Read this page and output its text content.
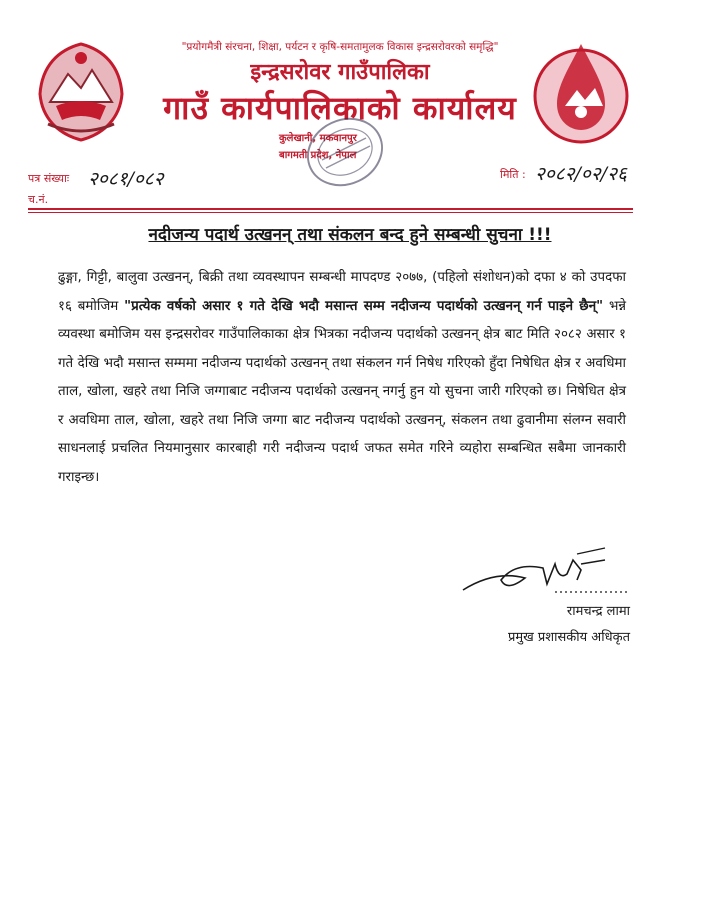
"प्रयोगमैत्री संरचना, शिक्षा, पर्यटन र कृषि-समतामुलक विकास इन्द्रसरोवरको समृद्धि"
इन्द्रसरोवर गाउँपालिका
गाउँ कार्यपालिकाको कार्यालय
कुलेखानी, मकवानपुर
बागमती प्रदेश, नेपाल
पत्र संख्याः २०८१/०८२
च.नं.
मिति : २०८२/०२/२६
नदीजन्य पदार्थ उत्खनन् तथा संकलन बन्द हुने सम्बन्धी सुचना !!!
ढुङ्गा, गिट्टी, बालुवा उत्खनन्, बिक्री तथा व्यवस्थापन सम्बन्धी मापदण्ड २०७७, (पहिलो संशोधन)को दफा ४ को उपदफा १६ बमोजिम "प्रत्येक वर्षको असार १ गते देखि भदौ मसान्त सम्म नदीजन्य पदार्थको उत्खनन् गर्न पाइने छैन्" भन्ने व्यवस्था बमोजिम यस इन्द्रसरोवर गाउँपालिकाका क्षेत्र भित्रका नदीजन्य पदार्थको उत्खनन् क्षेत्र बाट मिति २०८२ असार १ गते देखि भदौ मसान्त सम्ममा नदीजन्य पदार्थको उत्खनन् तथा संकलन गर्न निषेध गरिएको हुँदा निषेधित क्षेत्र र अवधिमा ताल, खोला, खहरे तथा निजि जग्गाबाट नदीजन्य पदार्थको उत्खनन् नगर्नु हुन यो सुचना जारी गरिएको छ। निषेधित क्षेत्र र अवधिमा ताल, खोला, खहरे तथा निजि जग्गा बाट नदीजन्य पदार्थको उत्खनन्, संकलन तथा ढुवानीमा संलग्न सवारी साधनलाई प्रचलित नियमानुसार कारबाही गरी नदीजन्य पदार्थ जफत समेत गरिने व्यहोरा सम्बन्धित सबैमा जानकारी गराइन्छ।
रामचन्द्र लामा
प्रमुख प्रशासकीय अधिकृत
